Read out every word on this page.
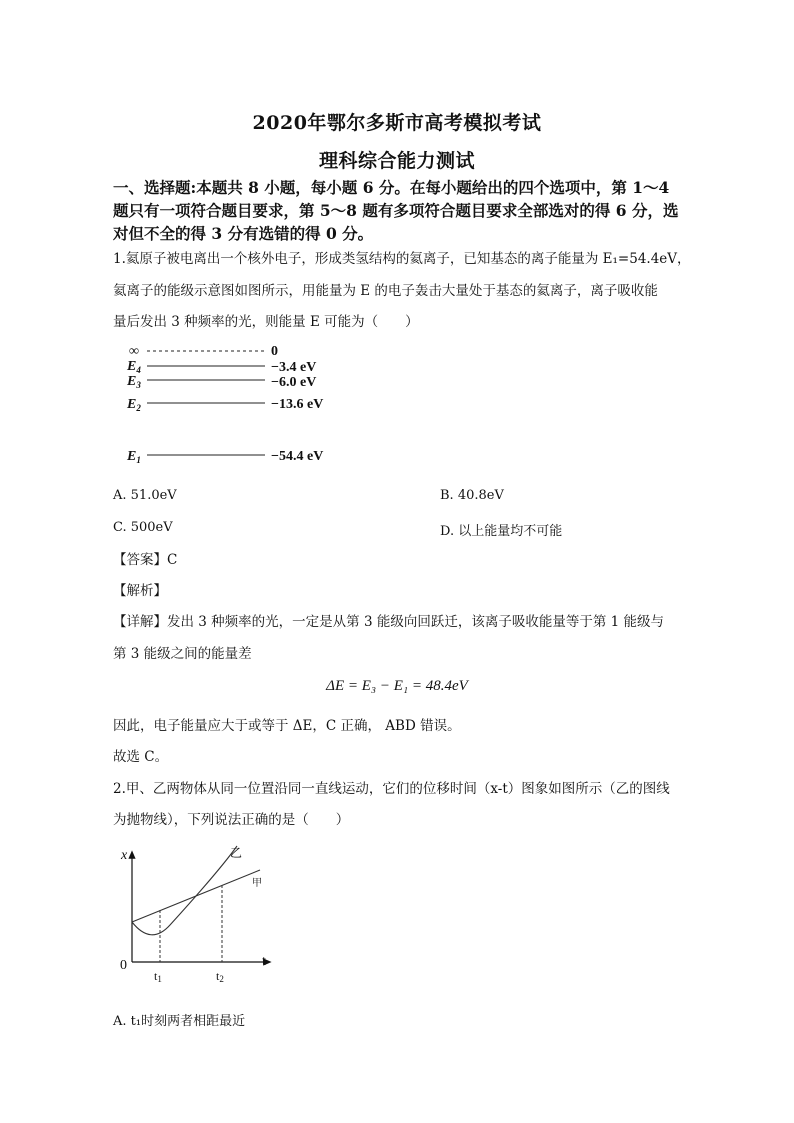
2020年鄂尔多斯市高考模拟考试
理科综合能力测试
一、选择题:本题共 8 小题，每小题 6 分。在每小题给出的四个选项中，第 1～4
题只有一项符合题目要求，第 5～8 题有多项符合题目要求全部选对的得 6 分，选
对但不全的得 3 分有选错的得 0 分。
1.氦原子被电离出一个核外电子，形成类氢结构的氦离子，已知基态的离子能量为 E₁=54.4eV，
氦离子的能级示意图如图所示，用能量为 E 的电子轰击大量处于基态的氦离子，离子吸收能
量后发出 3 种频率的光，则能量 E 可能为（　　）
∞	0
$E_4$	−3.4 eV
$E_3$	−6.0 eV
$E_2$	−13.6 eV
$E_1$	−54.4 eV
A. 51.0eV	B. 40.8eV
C. 500eV	D. 以上能量均不可能
【答案】C
【解析】
【详解】发出 3 种频率的光，一定是从第 3 能级向回跃迁，该离子吸收能量等于第 1 能级与
第 3 能级之间的能量差
ΔE = E₃ − E₁ = 48.4eV
因此，电子能量应大于或等于 ΔE，C 正确， ABD 错误。
故选 C。
2.甲、乙两物体从同一位置沿同一直线运动，它们的位移时间（x-t）图象如图所示（乙的图线
为抛物线），下列说法正确的是（　　）
x
t
0
t1	t2
乙
甲
A. t₁时刻两者相距最近
